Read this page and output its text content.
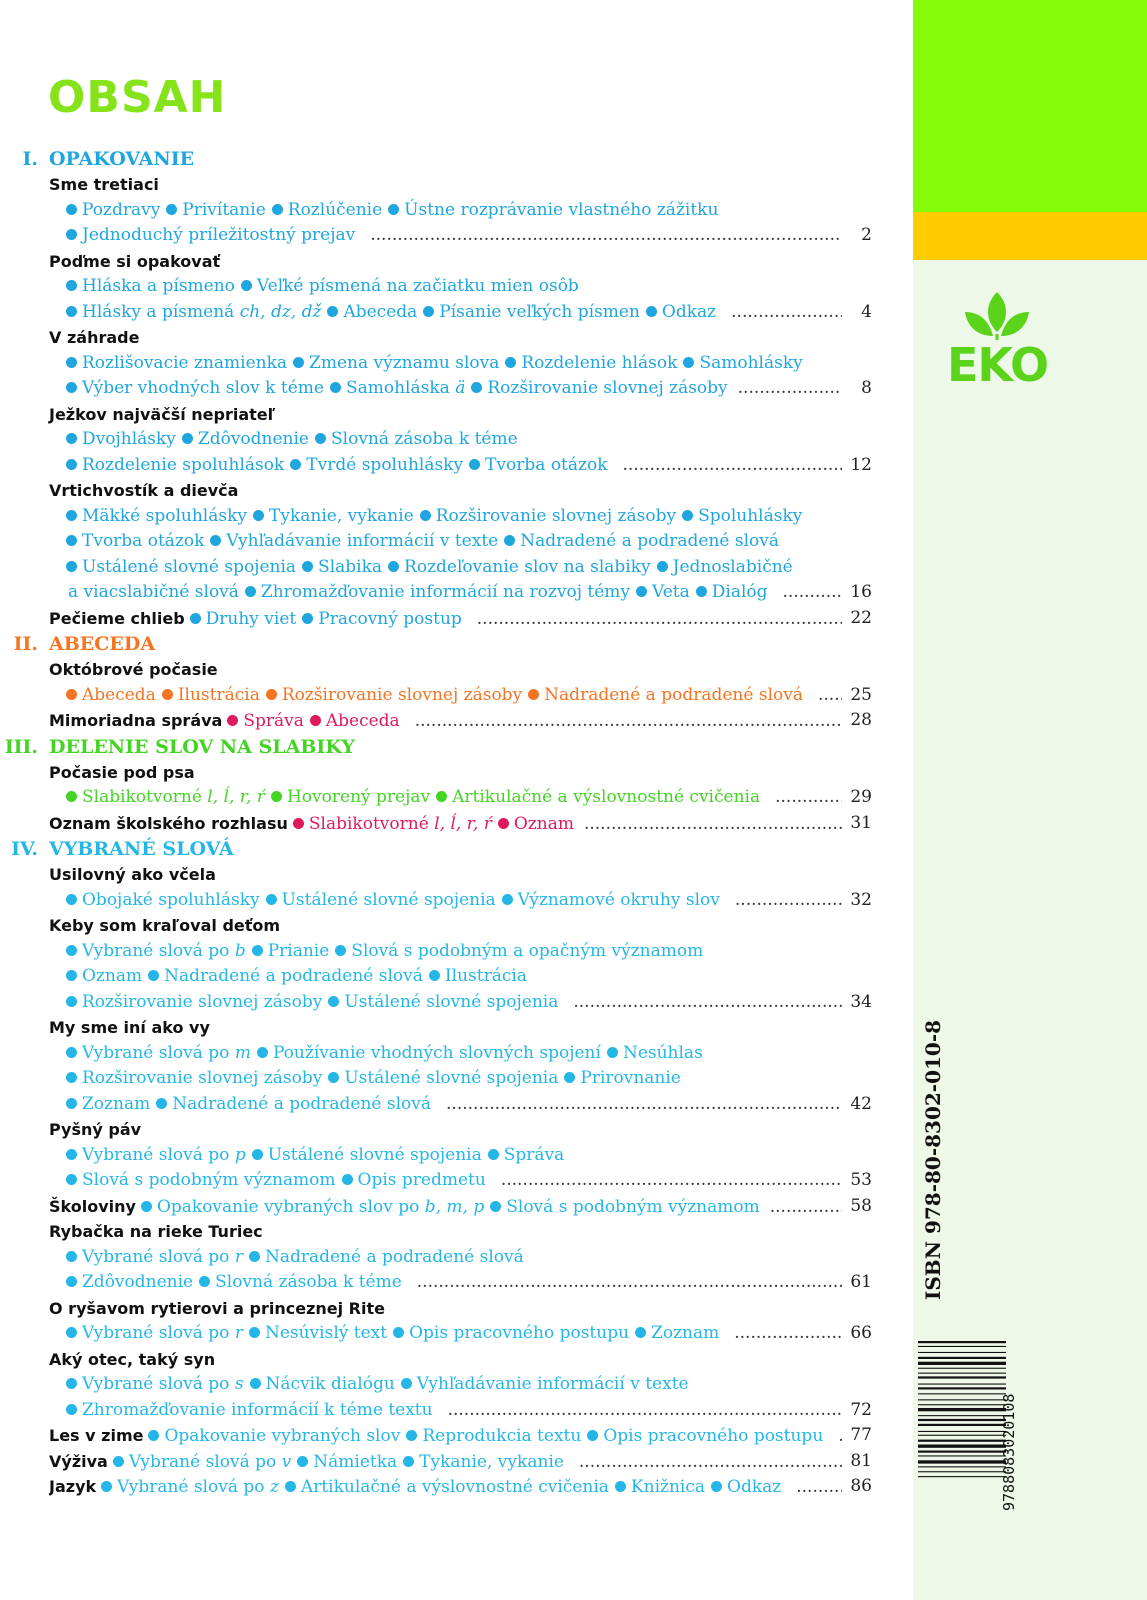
OBSAH
I. OPAKOVANIE
Sme tretiaci
Pozdravy Privítanie Rozlúčenie Ústne rozprávanie vlastného zážitku
Jednoduchý príležitostný prejav .....	2
Poďme si opakovať
Hláska a písmeno Veľké písmená na začiatku mien osôb
Hlásky a písmená ch, dz, dž Abeceda Písanie veľkých písmen Odkaz .....	4
V záhrade
Rozlišovacie znamienka Zmena významu slova Rozdelenie hlások Samohlásky
Výber vhodných slov k téme Samohláska ä Rozširovanie slovnej zásoby .....	8
Ježkov najväčší nepriateľ
Dvojhlásky Zdôvodnenie Slovná zásoba k téme
Rozdelenie spoluhlások Tvrdé spoluhlásky Tvorba otázok .....	12
Vrtichvostík a dievča
Mäkké spoluhlásky Tykanie, vykanie Rozširovanie slovnej zásoby Spoluhlásky
Tvorba otázok Vyhľadávanie informácií v texte Nadradené a podradené slová
Ustálené slovné spojenia Slabika Rozdeľovanie slov na slabiky Jednoslabičné
a viacslabičné slová Zhromažďovanie informácií na rozvoj témy Veta Dialóg .....	16
Pečieme chlieb Druhy viet Pracovný postup .....	22
II. ABECEDA
Októbrové počasie
Abeceda Ilustrácia Rozširovanie slovnej zásoby Nadradené a podradené slová .....	25
Mimoriadna správa Správa Abeceda .....	28
III. DELENIE SLOV NA SLABIKY
Počasie pod psa
Slabikotvorné l, ĺ, r, ŕ Hovorený prejav Artikulačné a výslovnostné cvičenia .....	29
Oznam školského rozhlasu Slabikotvorné l, ĺ, r, ŕ Oznam .....	31
IV. VYBRANÉ SLOVÁ
Usilovný ako včela
Obojaké spoluhlásky Ustálené slovné spojenia Významové okruhy slov .....	32
Keby som kraľoval deťom
Vybrané slová po b Prianie Slová s podobným a opačným významom
Oznam Nadradené a podradené slová Ilustrácia
Rozširovanie slovnej zásoby Ustálené slovné spojenia .....	34
My sme iní ako vy
Vybrané slová po m Používanie vhodných slovných spojení Nesúhlas
Rozširovanie slovnej zásoby Ustálené slovné spojenia Prirovnanie
Zoznam Nadradené a podradené slová .....	42
Pyšný páv
Vybrané slová po p Ustálené slovné spojenia Správa
Slová s podobným významom Opis predmetu .....	53
Školoviny Opakovanie vybraných slov po b, m, p Slová s podobným významom .....	58
Rybačka na rieke Turiec
Vybrané slová po r Nadradené a podradené slová
Zdôvodnenie Slovná zásoba k téme .....	61
O ryšavom rytierovi a princeznej Rite
Vybrané slová po r Nesúvislý text Opis pracovného postupu Zoznam .....	66
Aký otec, taký syn
Vybrané slová po s Nácvik dialógu Vyhľadávanie informácií v texte
Zhromažďovanie informácií k téme textu .....	72
Les v zime Opakovanie vybraných slov Reprodukcia textu Opis pracovného postupu .....	77
Výživa Vybrané slová po v Námietka Tykanie, vykanie .....	81
Jazyk Vybrané slová po z Artikulačné a výslovnostné cvičenia Knižnica Odkaz .....	86
EKO
ISBN 978-80-8302-010-8
9788083020108
